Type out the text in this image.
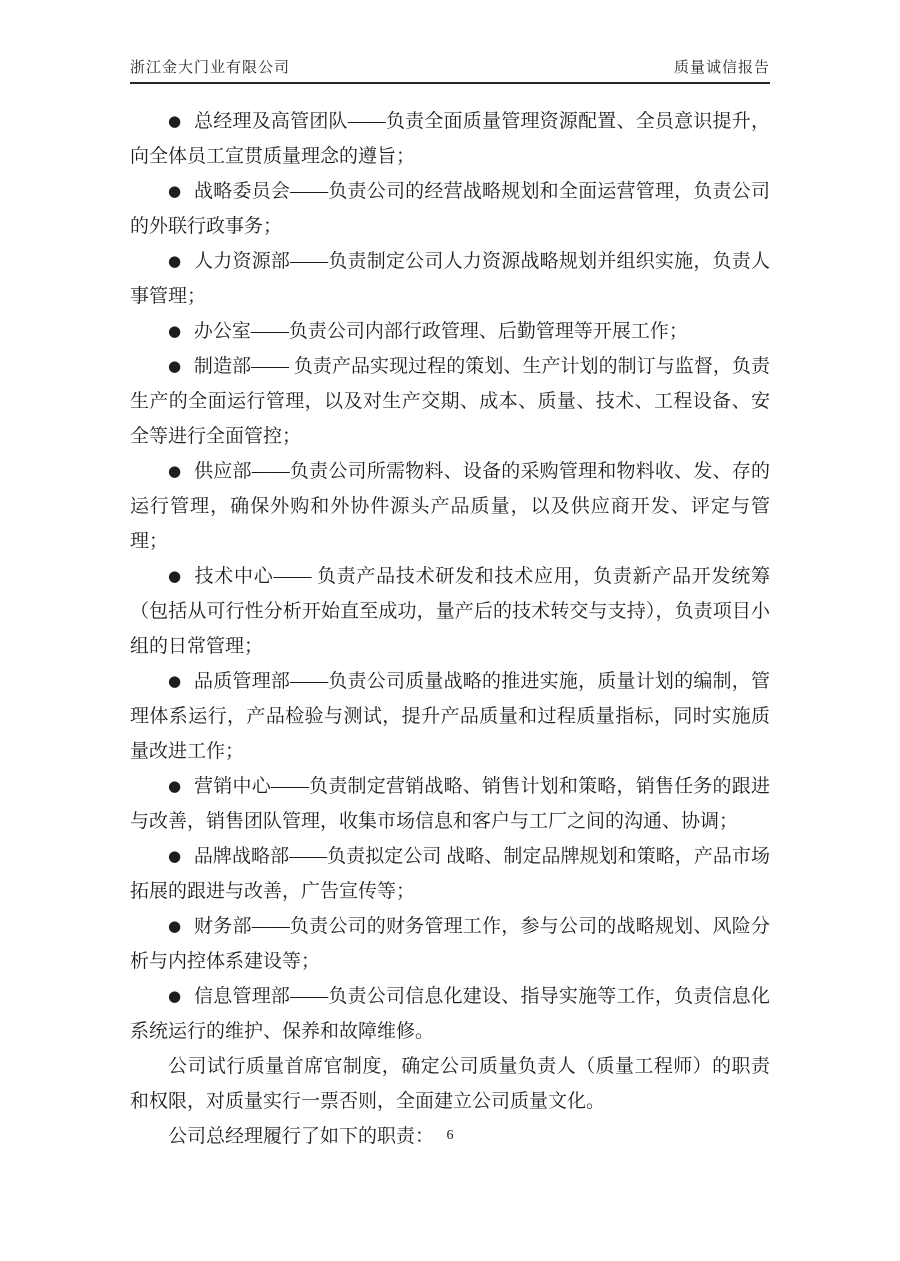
浙江金大门业有限公司	质量诚信报告

● 总经理及高管团队——负责全面质量管理资源配置、全员意识提升，向全体员工宣贯质量理念的遵旨；

● 战略委员会——负责公司的经营战略规划和全面运营管理，负责公司的外联行政事务；

● 人力资源部——负责制定公司人力资源战略规划并组织实施，负责人事管理；

● 办公室——负责公司内部行政管理、后勤管理等开展工作；

● 制造部—— 负责产品实现过程的策划、生产计划的制订与监督，负责生产的全面运行管理，以及对生产交期、成本、质量、技术、工程设备、安全等进行全面管控；

● 供应部——负责公司所需物料、设备的采购管理和物料收、发、存的运行管理，确保外购和外协件源头产品质量，以及供应商开发、评定与管理；

● 技术中心—— 负责产品技术研发和技术应用，负责新产品开发统筹（包括从可行性分析开始直至成功，量产后的技术转交与支持），负责项目小组的日常管理；

● 品质管理部——负责公司质量战略的推进实施，质量计划的编制，管理体系运行，产品检验与测试，提升产品质量和过程质量指标，同时实施质量改进工作；

● 营销中心——负责制定营销战略、销售计划和策略，销售任务的跟进与改善，销售团队管理，收集市场信息和客户与工厂之间的沟通、协调；

● 品牌战略部——负责拟定公司 战略、制定品牌规划和策略，产品市场拓展的跟进与改善，广告宣传等；

● 财务部——负责公司的财务管理工作，参与公司的战略规划、风险分析与内控体系建设等；

● 信息管理部——负责公司信息化建设、指导实施等工作，负责信息化系统运行的维护、保养和故障维修。

公司试行质量首席官制度，确定公司质量负责人（质量工程师）的职责和权限，对质量实行一票否则，全面建立公司质量文化。

公司总经理履行了如下的职责： 6
